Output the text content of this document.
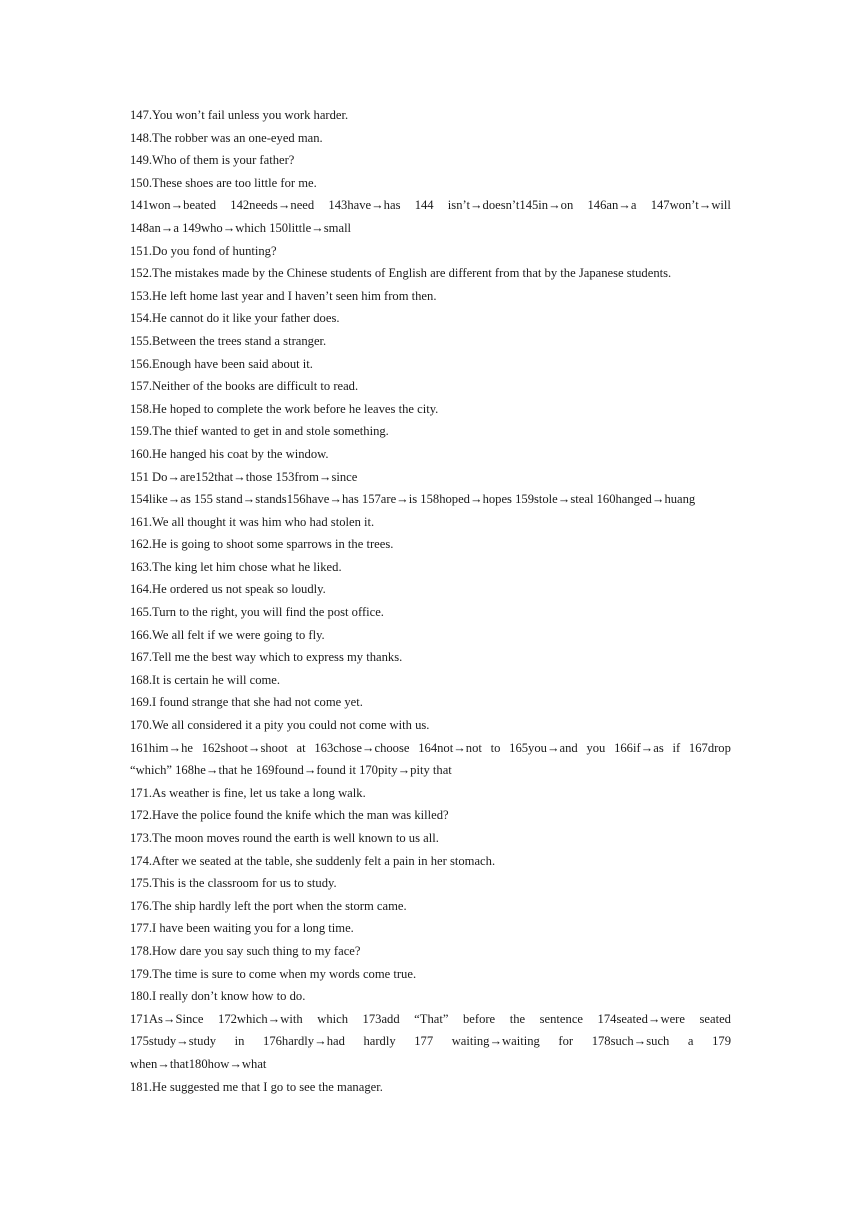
147.You won’t fail unless you work harder.
148.The robber was an one-eyed man.
149.Who of them is your father?
150.These shoes are too little for me.
141won→beated 142needs→need 143have→has 144 isn’t→doesn’t145in→on 146an→a 147won’t→will
148an→a 149who→which 150little→small
151.Do you fond of hunting?
152.The mistakes made by the Chinese students of English are different from that by the Japanese students.
153.He left home last year and I haven’t seen him from then.
154.He cannot do it like your father does.
155.Between the trees stand a stranger.
156.Enough have been said about it.
157.Neither of the books are difficult to read.
158.He hoped to complete the work before he leaves the city.
159.The thief wanted to get in and stole something.
160.He hanged his coat by the window.
151 Do→are152that→those 153from→since
154like→as 155 stand→stands156have→has 157are→is 158hoped→hopes 159stole→steal 160hanged→huang
161.We all thought it was him who had stolen it.
162.He is going to shoot some sparrows in the trees.
163.The king let him chose what he liked.
164.He ordered us not speak so loudly.
165.Turn to the right, you will find the post office.
166.We all felt if we were going to fly.
167.Tell me the best way which to express my thanks.
168.It is certain he will come.
169.I found strange that she had not come yet.
170.We all considered it a pity you could not come with us.
161him→he 162shoot→shoot at 163chose→choose 164not→not to 165you→and you 166if→as if 167drop
“which” 168he→that he 169found→found it 170pity→pity that
171.As weather is fine, let us take a long walk.
172.Have the police found the knife which the man was killed?
173.The moon moves round the earth is well known to us all.
174.After we seated at the table, she suddenly felt a pain in her stomach.
175.This is the classroom for us to study.
176.The ship hardly left the port when the storm came.
177.I have been waiting you for a long time.
178.How dare you say such thing to my face?
179.The time is sure to come when my words come true.
180.I really don’t know how to do.
171As→Since 172which→with which 173add “That” before the sentence 174seated→were seated
175study→study in 176hardly→had hardly 177 waiting→waiting for 178such→such a 179
when→that180how→what
181.He suggested me that I go to see the manager.
